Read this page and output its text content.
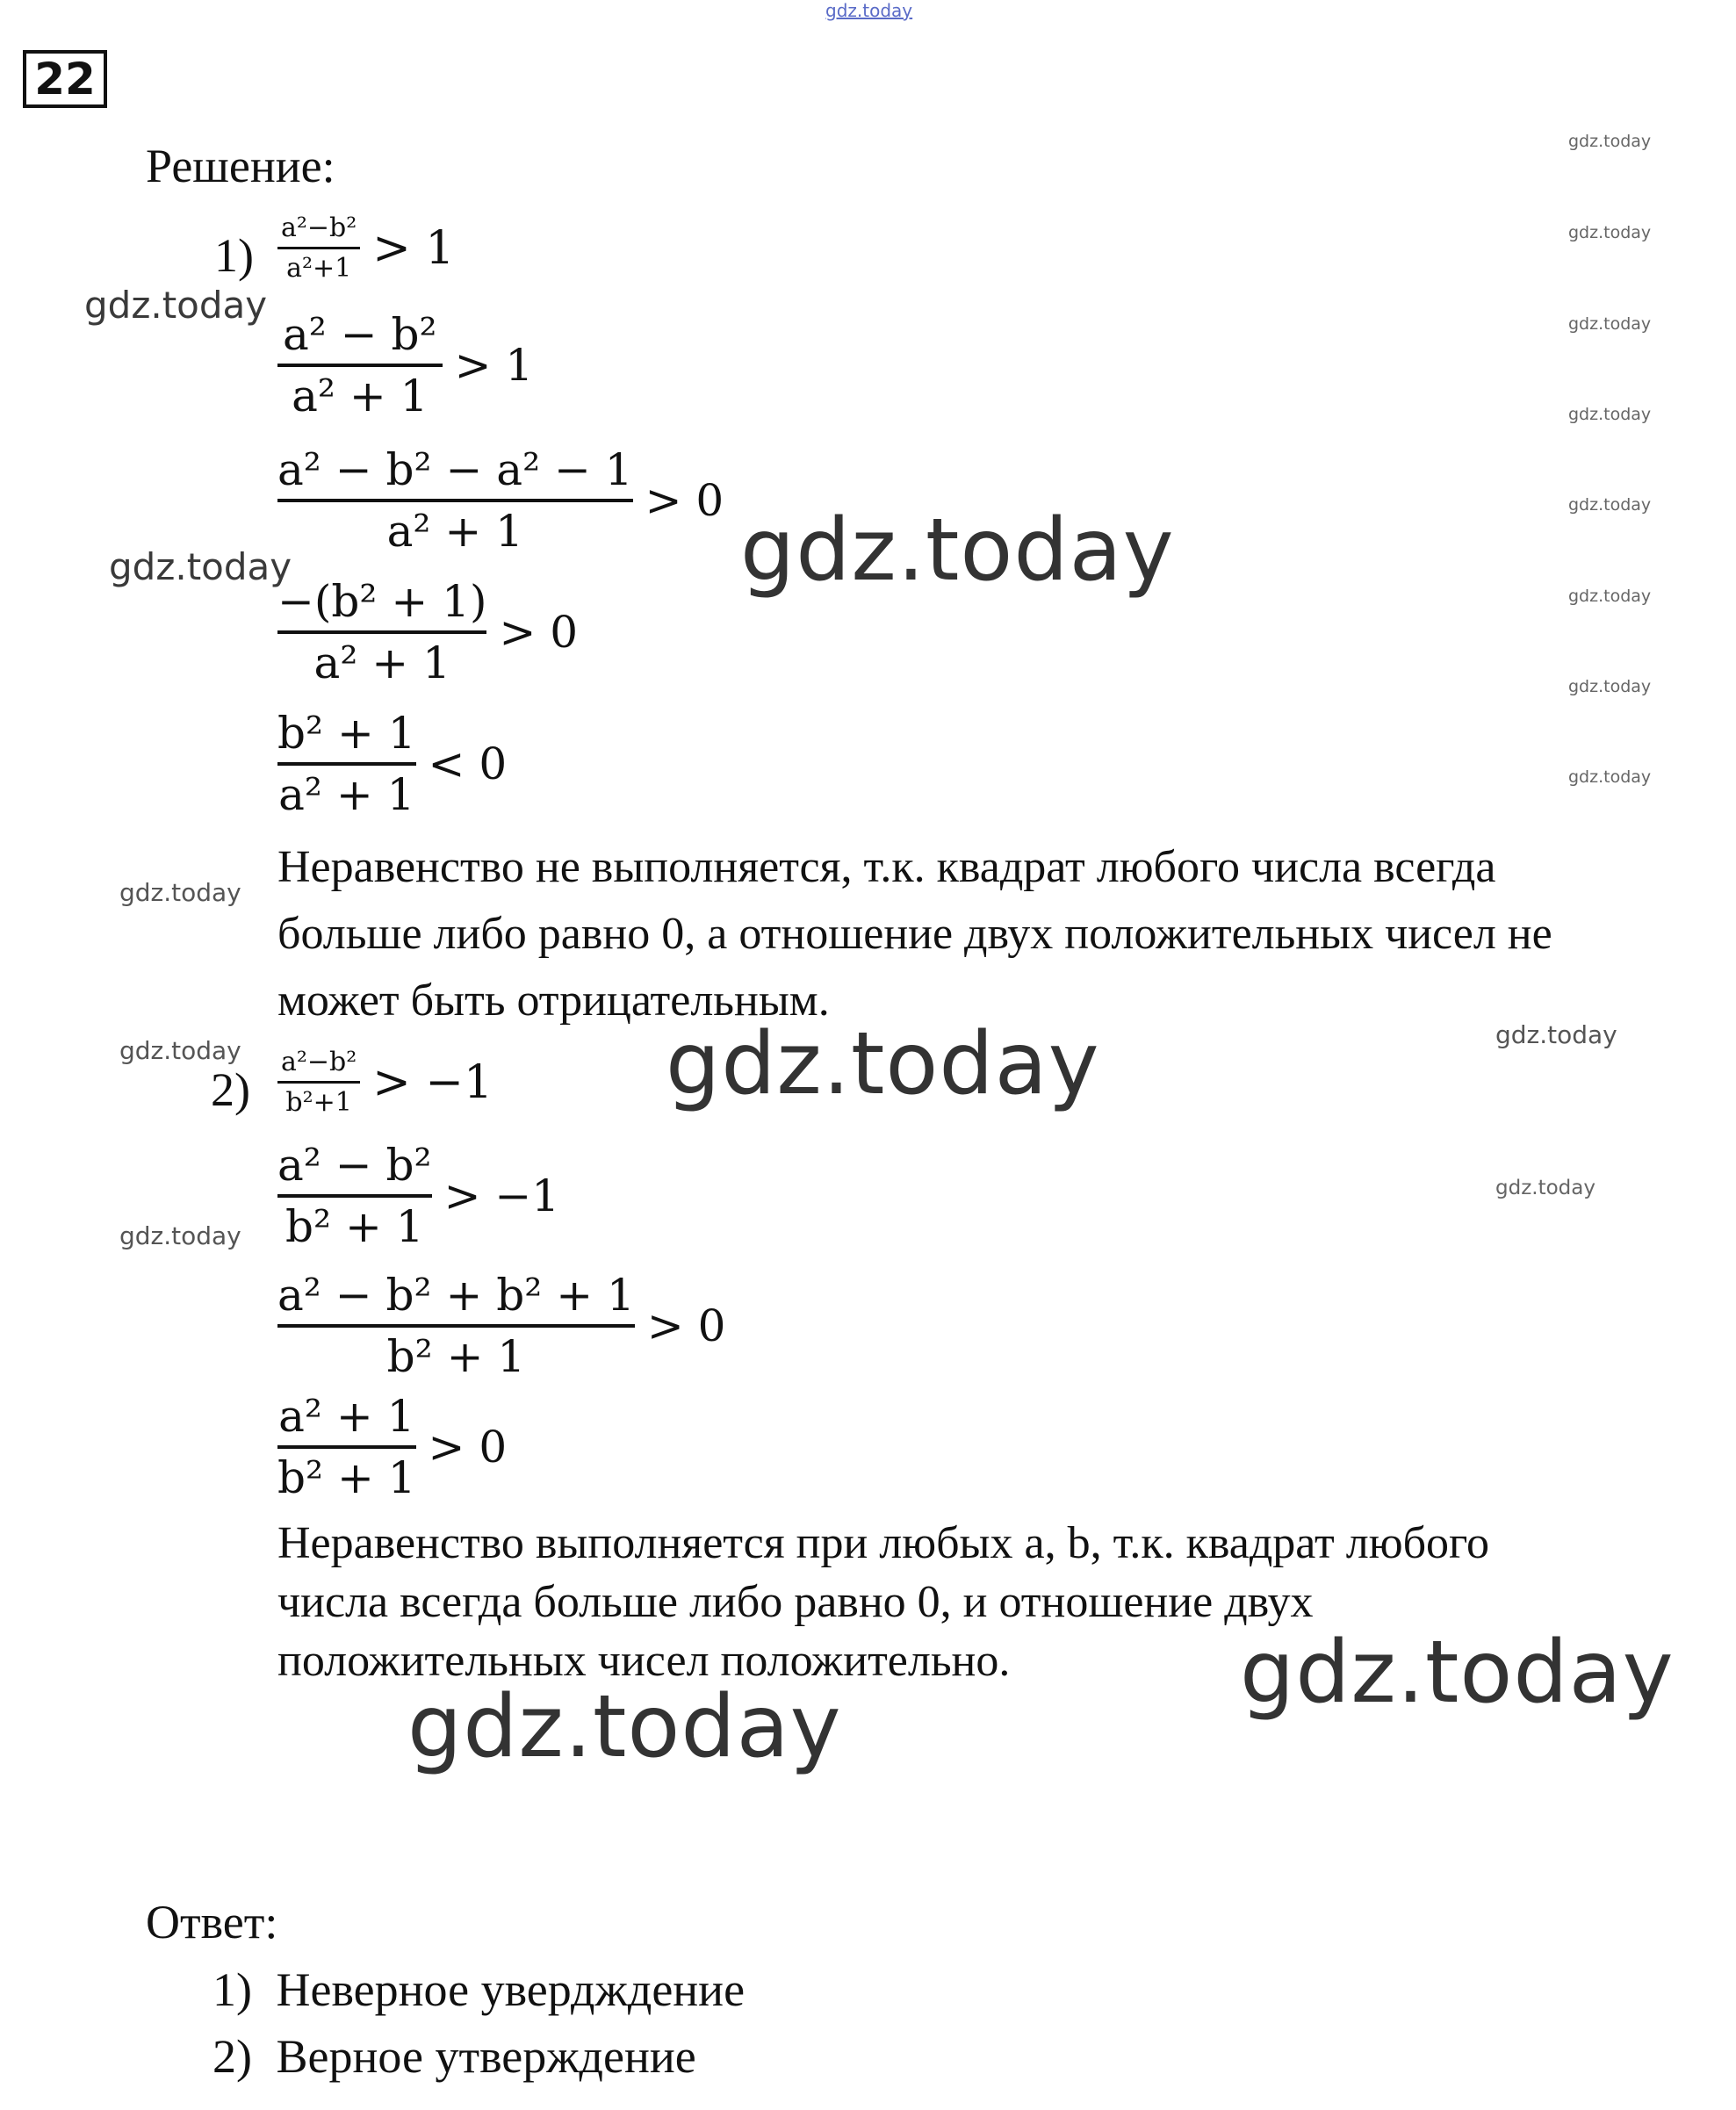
gdz.today
gdz.today
gdz.today
gdz.today
gdz.today
gdz.today
gdz.today
gdz.today
gdz.today
gdz.today
gdz.today
gdz.today
gdz.today
gdz.today
gdz.today
gdz.today
gdz.today
gdz.today
gdz.today
gdz.today
22
Решение:
$1) \frac{\text{a²−b²}}{\text{a²+1}} > 1$
$\frac{\text{a² − b²}}{\text{a² + 1}} > 1$
$\frac{\text{a² − b² − a² − 1}}{\text{a² + 1}} > 0$
$\frac{\text{−(b² + 1)}}{\text{a² + 1}} > 0$
$\frac{\text{b² + 1}}{\text{a² + 1}} < 0$
Неравенство не выполняется, т.к. квадрат любого числа всегда
больше либо равно 0, а отношение двух положительных чисел не
может быть отрицательным.
$2) \frac{\text{a²−b²}}{\text{b²+1}} > -1$
$\frac{\text{a² − b²}}{\text{b² + 1}} > -1$
$\frac{\text{a² − b² + b² + 1}}{\text{b² + 1}} > 0$
$\frac{\text{a² + 1}}{\text{b² + 1}} > 0$
Неравенство выполняется при любых a, b, т.к. квадрат любого
числа всегда больше либо равно 0, и отношение двух
положительных чисел положительно.
Ответ:
1) Неверное увердждение
2) Верное утверждение
